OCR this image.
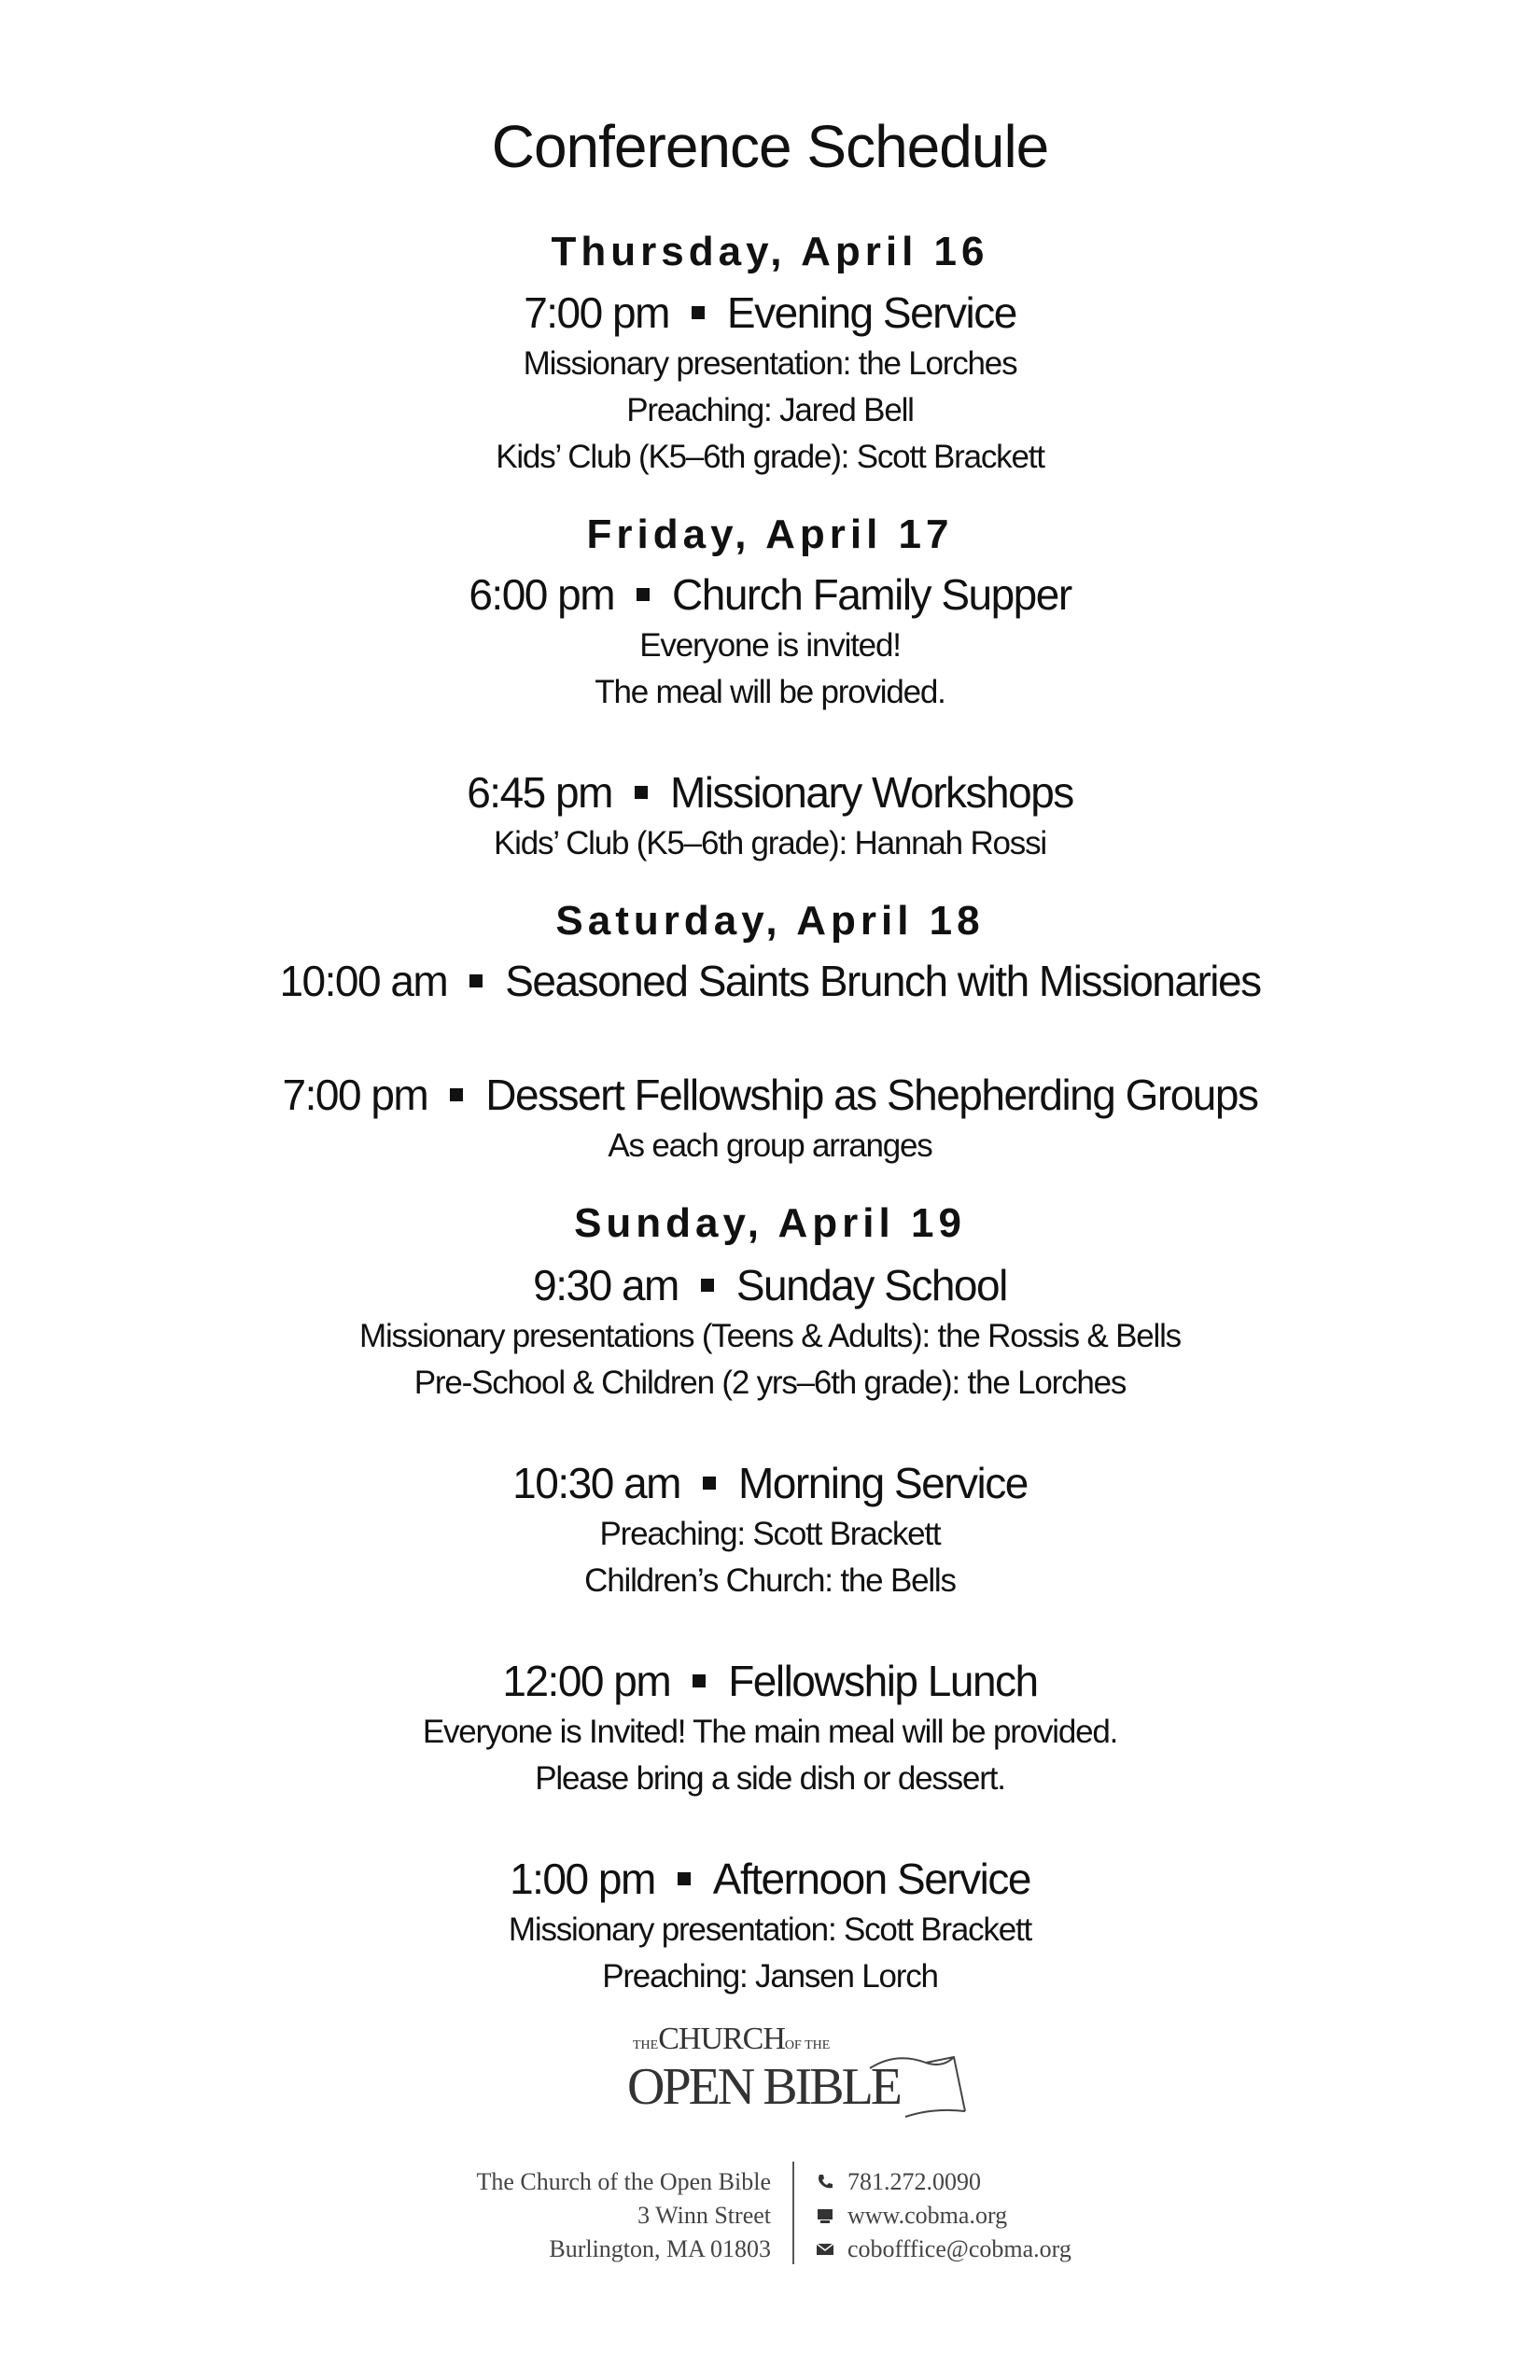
Conference Schedule
Thursday, April 16
7:00 pm Evening Service
Missionary presentation: the Lorches
Preaching: Jared Bell
Kids’ Club (K5–6th grade): Scott Brackett
Friday, April 17
6:00 pm Church Family Supper
Everyone is invited!
The meal will be provided.
6:45 pm Missionary Workshops
Kids’ Club (K5–6th grade): Hannah Rossi
Saturday, April 18
10:00 am Seasoned Saints Brunch with Missionaries
7:00 pm Dessert Fellowship as Shepherding Groups
As each group arranges
Sunday, April 19
9:30 am Sunday School
Missionary presentations (Teens & Adults): the Rossis & Bells
Pre-School & Children (2 yrs–6th grade): the Lorches
10:30 am Morning Service
Preaching: Scott Brackett
Children’s Church: the Bells
12:00 pm Fellowship Lunch
Everyone is Invited! The main meal will be provided.
Please bring a side dish or dessert.
1:00 pm Afternoon Service
Missionary presentation: Scott Brackett
Preaching: Jansen Lorch
THECHURCHOF THE
OPEN BIBLE
The Church of the Open Bible
3 Winn Street
Burlington, MA 01803
781.272.0090
www.cobma.org
cobofffice@cobma.org
